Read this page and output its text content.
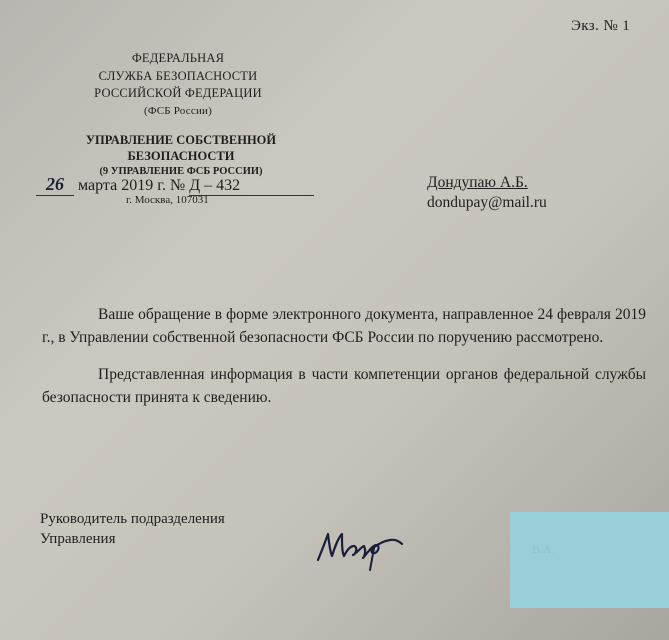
Экз. № 1
ФЕДЕРАЛЬНАЯ
СЛУЖБА БЕЗОПАСНОСТИ
РОССИЙСКОЙ ФЕДЕРАЦИИ
(ФСБ России)
УПРАВЛЕНИЕ СОБСТВЕННОЙ БЕЗОПАСНОСТИ
(9 УПРАВЛЕНИЕ ФСБ РОССИИ)
26 марта 2019 г. № Д – 432
г. Москва, 107031
Дондупаю А.Б.
dondupay@mail.ru

Ваше обращение в форме электронного документа, направленное 24 февраля 2019 г., в Управлении собственной безопасности ФСБ России по поручению рассмотрено.

Представленная информация в части компетенции органов федеральной службы безопасности принята к сведению.

Руководитель подразделения
Управления
В.А.
